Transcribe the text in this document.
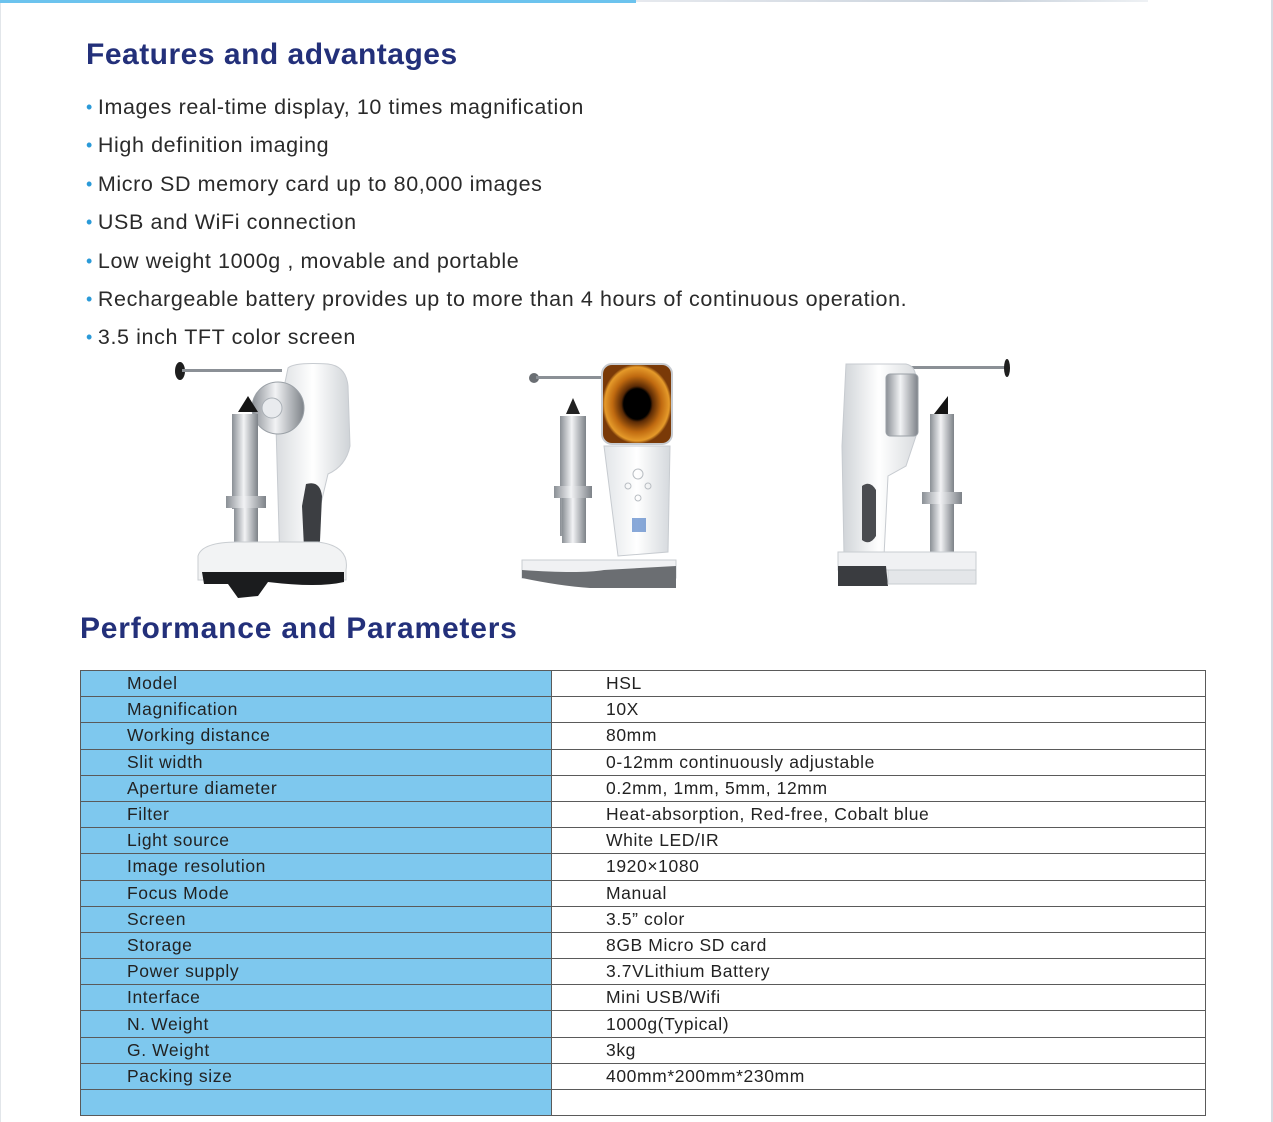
Features and advantages
• Images real-time display, 10 times magnification
• High definition imaging
• Micro SD memory card up to 80,000 images
• USB and WiFi connection
• Low weight 1000g , movable and portable
• Rechargeable battery provides up to more than 4 hours of continuous operation.
• 3.5 inch TFT color screen
Performance and Parameters
Model	HSL
Magnification	10X
Working distance	80mm
Slit width	0-12mm continuously adjustable
Aperture diameter	0.2mm, 1mm, 5mm, 12mm
Filter	Heat-absorption, Red-free, Cobalt blue
Light source	White LED/IR
Image resolution	1920×1080
Focus Mode	Manual
Screen	3.5” color
Storage	8GB Micro SD card
Power supply	3.7VLithium Battery
Interface	Mini USB/Wifi
N. Weight	1000g(Typical)
G. Weight	3kg
Packing size	400mm*200mm*230mm
